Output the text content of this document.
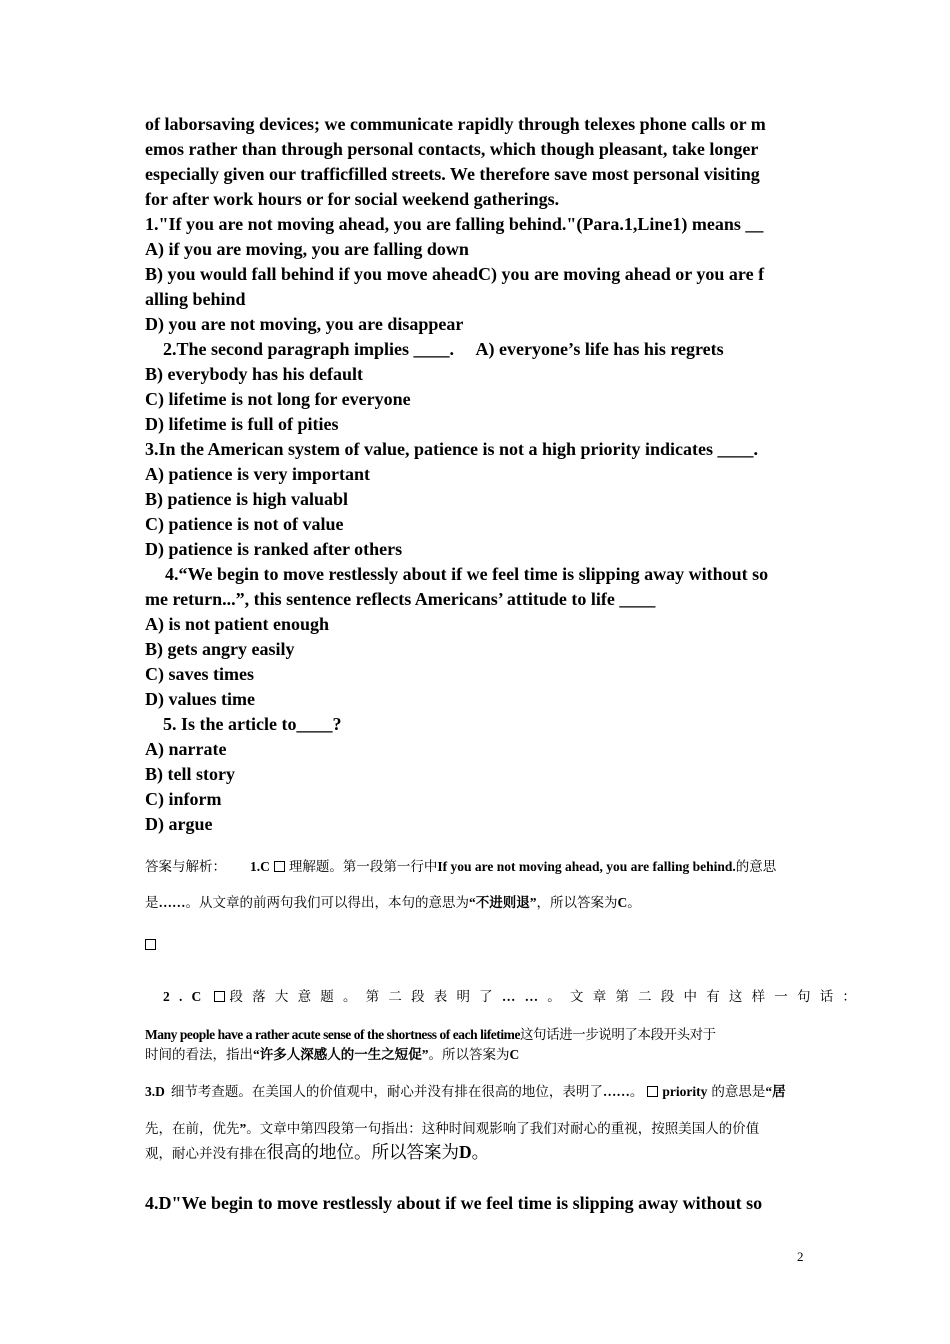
of laborsaving devices; we communicate rapidly through telexes phone calls or m

emos rather than through personal contacts, which though pleasant, take longer

especially given our trafficfilled streets. We therefore save most personal visiting

for after work hours or for social weekend gatherings.

1."If you are not moving ahead, you are falling behind."(Para.1,Line1) means __

A) if you are moving, you are falling down

B) you would fall behind if you move aheadC) you are moving ahead or you are f

alling behind

D) you are not moving, you are disappear

2.The second paragraph implies ____.     A) everyone’s life has his regrets

B) everybody has his default

C) lifetime is not long for everyone

D) lifetime is full of pities

3.In the American system of value, patience is not a high priority indicates ____.

A) patience is very important

B) patience is high valuabl

C) patience is not of value

D) patience is ranked after others

4.“We begin to move restlessly about if we feel time is slipping away without so

me return...”, this sentence reflects Americans’ attitude to life ____

A) is not patient enough

B) gets angry easily

C) saves times

D) values time

5. Is the article to____?

A) narrate

B) tell story

C) inform

D) argue

答案与解析： 1.C 理解题。第一段第一行中If you are not moving ahead, you are falling behind.的意思

是……。从文章的前两句我们可以得出，本句的意思为“不进则退”，所以答案为C。

2.C 段落大意题。第二段表明了……。文章第二段中有这样一句话：

Many people have a rather acute sense of the shortness of each lifetime这句话进一步说明了本段开头对于

时间的看法，指出“许多人深感人的一生之短促”。所以答案为C

3.D 细节考查题。在美国人的价值观中，耐心并没有排在很高的地位，表明了……。 priority 的意思是“居

先，在前，优先”。文章中第四段第一句指出：这种时间观影响了我们对耐心的重视，按照美国人的价值

观，耐心并没有排在很高的地位。所以答案为D。

4.D"We begin to move restlessly about if we feel time is slipping away without so

2
